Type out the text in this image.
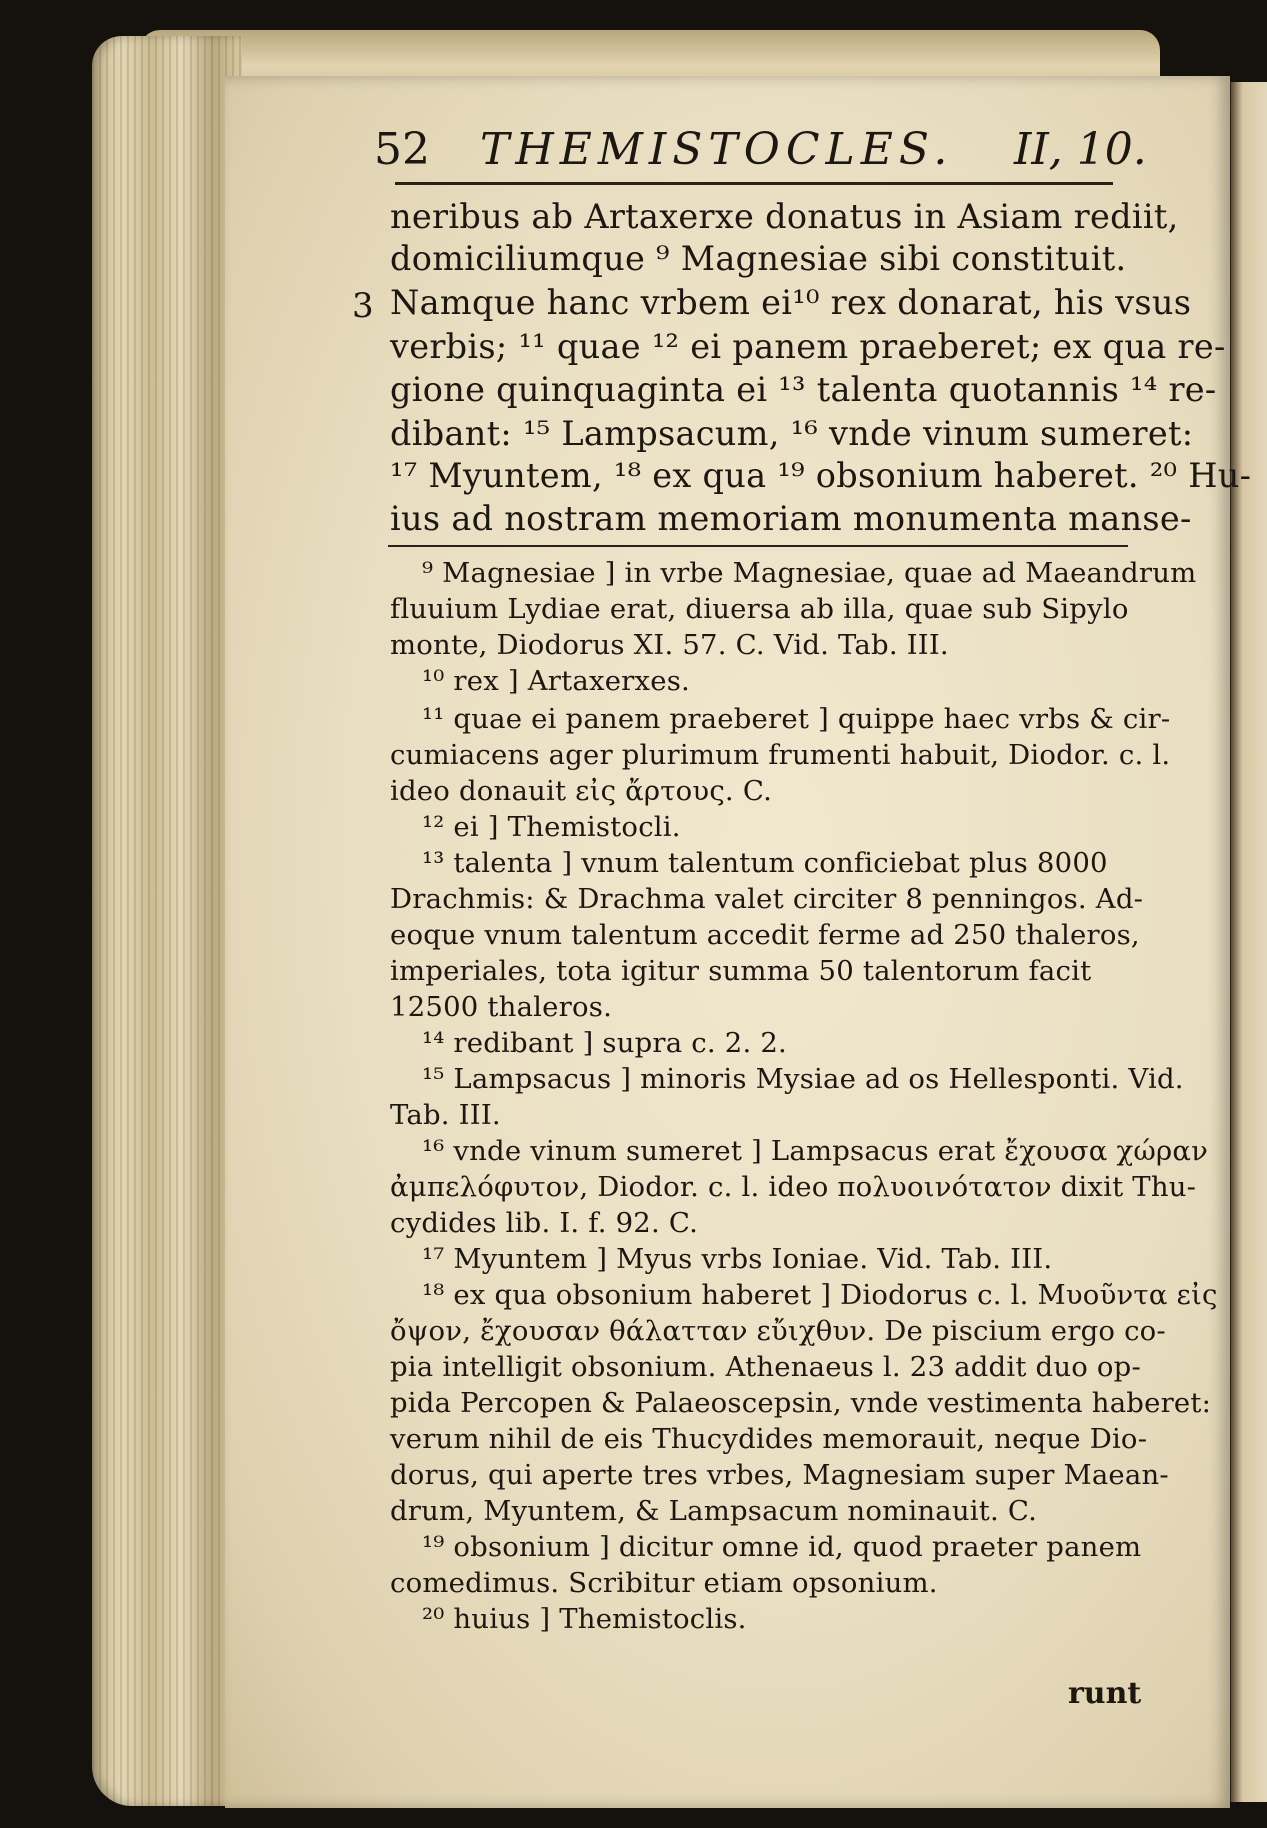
52 THEMISTOCLES. II, 10.
3
neribus ab Artaxerxe donatus in Asiam rediit,
domiciliumque ⁹ Magnesiae sibi constituit.
Namque hanc vrbem ei¹⁰ rex donarat, his vsus
verbis; ¹¹ quae ¹² ei panem praeberet; ex qua re-
gione quinquaginta ei ¹³ talenta quotannis ¹⁴ re-
dibant: ¹⁵ Lampsacum, ¹⁶ vnde vinum sumeret:
¹⁷ Myuntem, ¹⁸ ex qua ¹⁹ obsonium haberet. ²⁰ Hu-
ius ad nostram memoriam monumenta manse-
⁹ Magnesiae ] in vrbe Magnesiae, quae ad Maeandrum
fluuium Lydiae erat, diuersa ab illa, quae sub Sipylo
monte, Diodorus XI. 57. C. Vid. Tab. III.
¹⁰ rex ] Artaxerxes.
¹¹ quae ei panem praeberet ] quippe haec vrbs & cir-
cumiacens ager plurimum frumenti habuit, Diodor. c. l.
ideo donauit εἰς ἄρτους. C.
¹² ei ] Themistocli.
¹³ talenta ] vnum talentum conficiebat plus 8000
Drachmis: & Drachma valet circiter 8 penningos. Ad-
eoque vnum talentum accedit ferme ad 250 thaleros,
imperiales, tota igitur summa 50 talentorum facit
12500 thaleros.
¹⁴ redibant ] supra c. 2. 2.
¹⁵ Lampsacus ] minoris Mysiae ad os Hellesponti. Vid.
Tab. III.
¹⁶ vnde vinum sumeret ] Lampsacus erat ἔχουσα χώραν
ἀμπελόφυτον, Diodor. c. l. ideo πολυοινότατον dixit Thu-
cydides lib. I. f. 92. C.
¹⁷ Myuntem ] Myus vrbs Ioniae. Vid. Tab. III.
¹⁸ ex qua obsonium haberet ] Diodorus c. l. Μυοῦντα εἰς
ὄψον, ἔχουσαν θάλατταν εὔιχθυν. De piscium ergo co-
pia intelligit obsonium. Athenaeus l. 23 addit duo op-
pida Percopen & Palaeoscepsin, vnde vestimenta haberet:
verum nihil de eis Thucydides memorauit, neque Dio-
dorus, qui aperte tres vrbes, Magnesiam super Maean-
drum, Myuntem, & Lampsacum nominauit. C.
¹⁹ obsonium ] dicitur omne id, quod praeter panem
comedimus. Scribitur etiam opsonium.
²⁰ huius ] Themistoclis.
runt
